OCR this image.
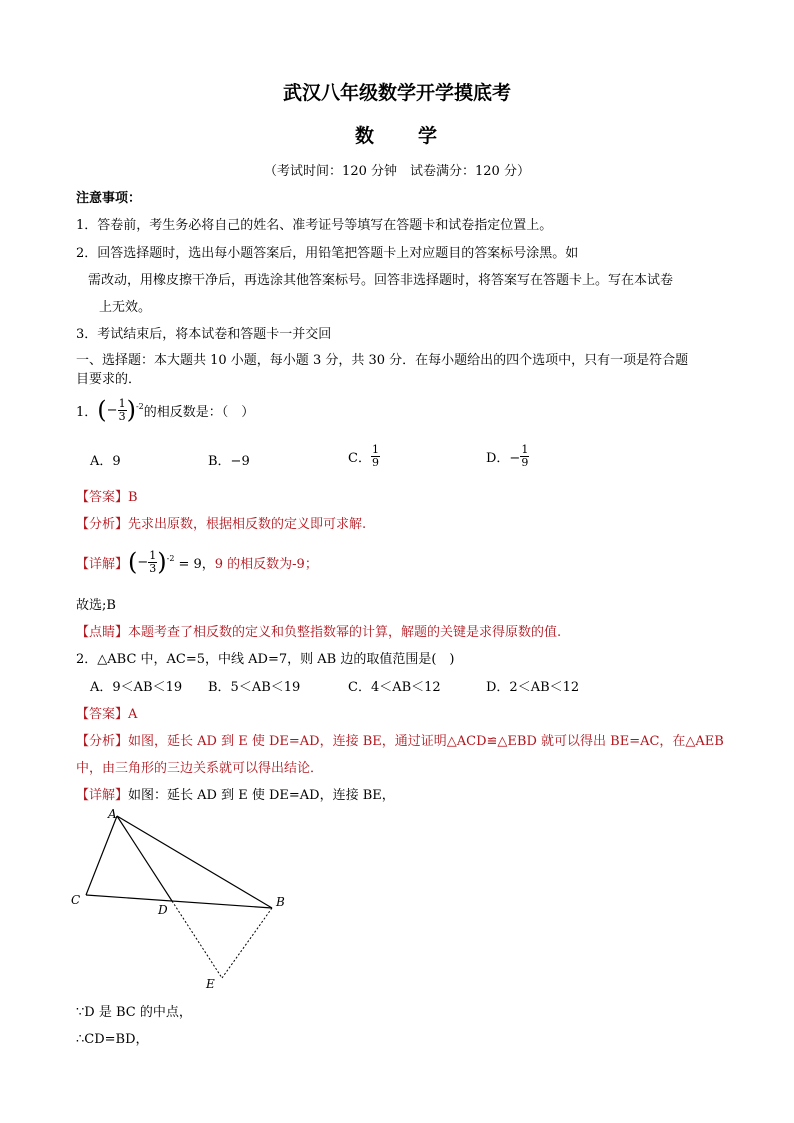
武汉八年级数学开学摸底考
数 学
（考试时间：120 分钟　试卷满分：120 分）
注意事项：
1．答卷前，考生务必将自己的姓名、准考证号等填写在答题卡和试卷指定位置上。
2．回答选择题时，选出每小题答案后，用铅笔把答题卡上对应题目的答案标号涂黑。如
需改动，用橡皮擦干净后，再选涂其他答案标号。回答非选择题时，将答案写在答题卡上。写在本试卷
上无效。
3．考试结束后，将本试卷和答题卡一并交回
一、选择题：本大题共 10 小题，每小题 3 分，共 30 分．在每小题给出的四个选项中，只有一项是符合题
目要求的．
1． ( − $\frac{1}{3}$ ) -2 的相反数是：（　）
A．9	B．−9	C． $\frac{1}{9}$	D．− $\frac{1}{9}$
【答案】B
【分析】先求出原数，根据相反数的定义即可求解.
【详解】 ( − $\frac{1}{3}$ ) -2 = 9， 9 的相反数为-9；
故选;B
【点睛】本题考查了相反数的定义和负整指数幂的计算，解题的关键是求得原数的值.
2．△ABC 中，AC=5，中线 AD=7，则 AB 边的取值范围是(　)
A．9＜AB＜19 B．5＜AB＜19	C．4＜AB＜12	D．2＜AB＜12
【答案】A
【分析】如图，延长 AD 到 E 使 DE=AD，连接 BE，通过证明△ACD≌△EBD 就可以得出 BE=AC，在△AEB
中，由三角形的三边关系就可以得出结论．
【详解】如图：延长 AD 到 E 使 DE=AD，连接 BE，
A
C
D
B
E
∵D 是 BC 的中点，
∴CD=BD，
